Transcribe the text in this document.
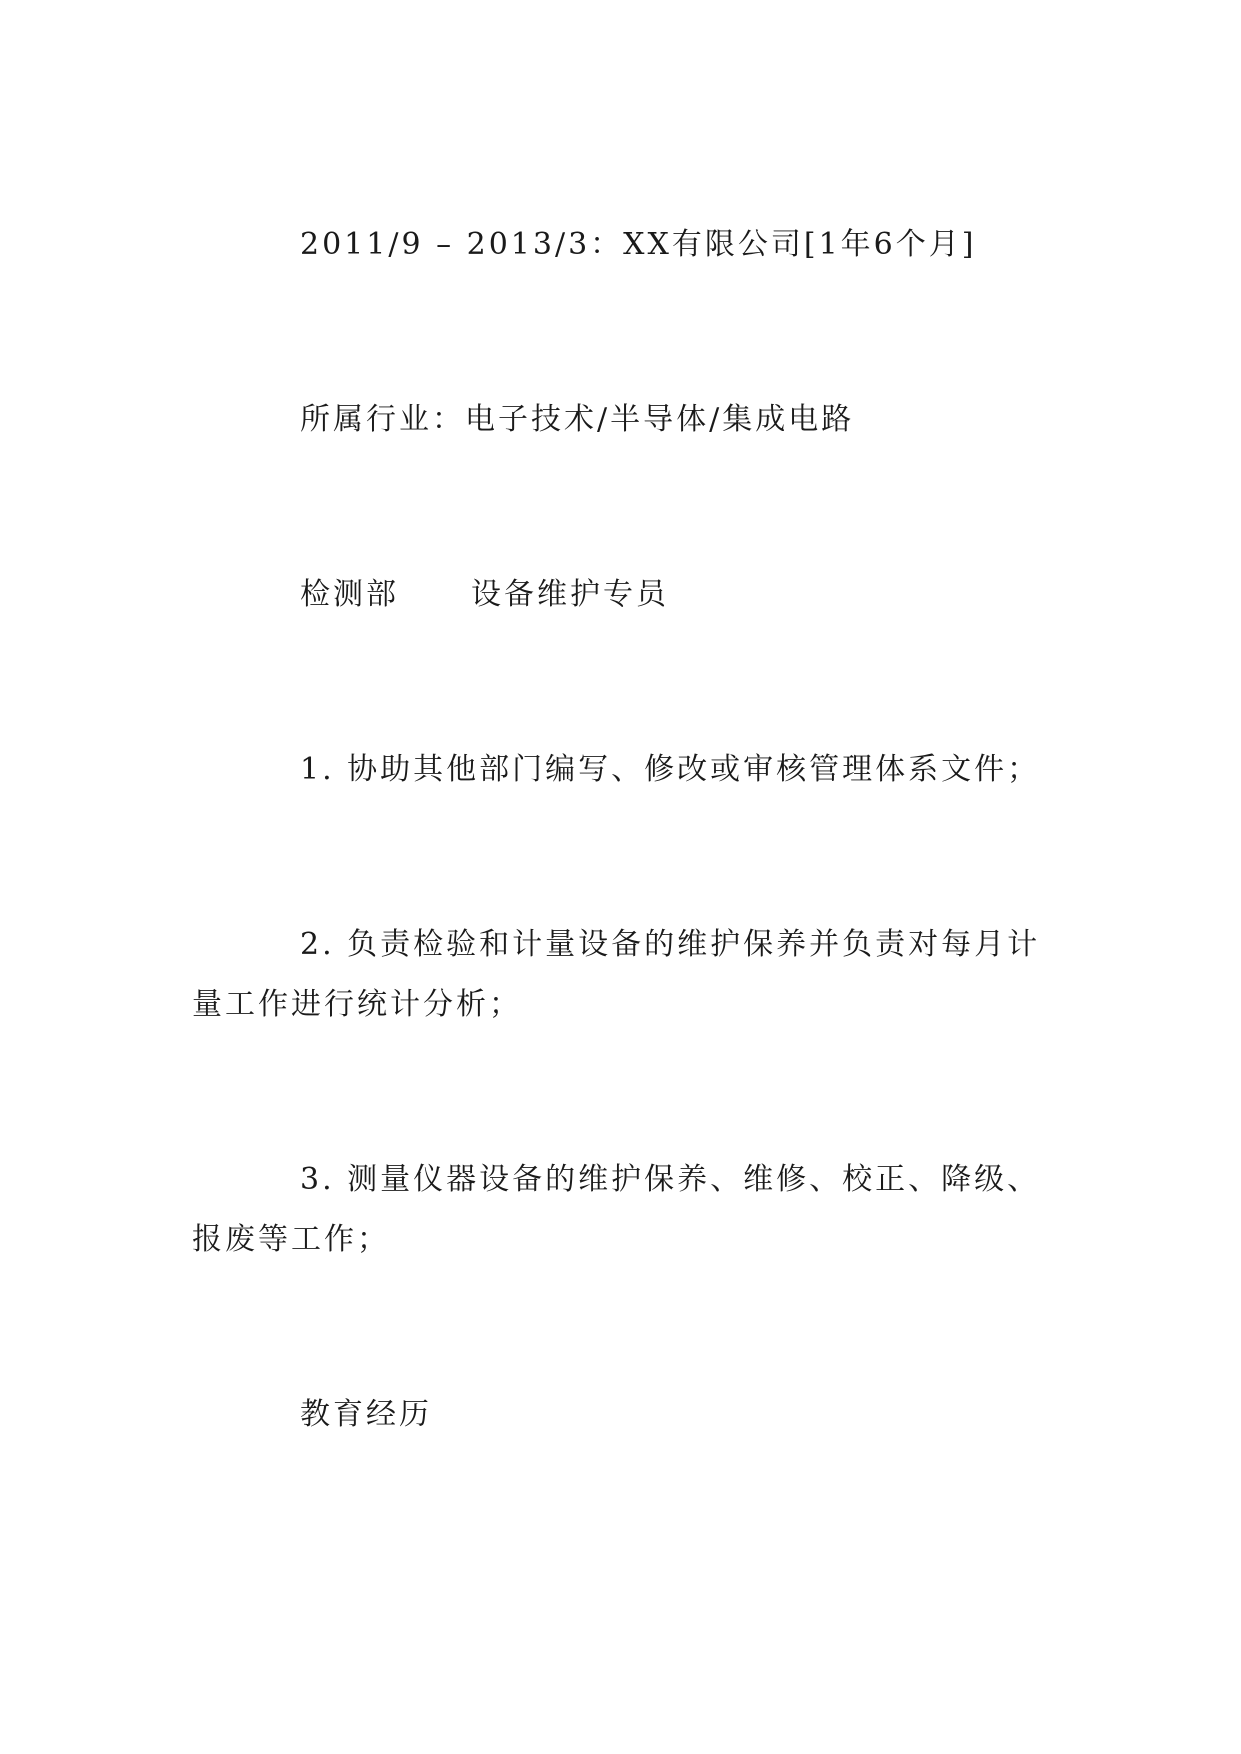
2011/9 – 2013/3：XX有限公司[1年6个月]
所属行业：电子技术/半导体/集成电路
检测部 设备维护专员
1. 协助其他部门编写、修改或审核管理体系文件；
2. 负责检验和计量设备的维护保养并负责对每月计
量工作进行统计分析；
3. 测量仪器设备的维护保养、维修、校正、降级、
报废等工作；
教育经历
